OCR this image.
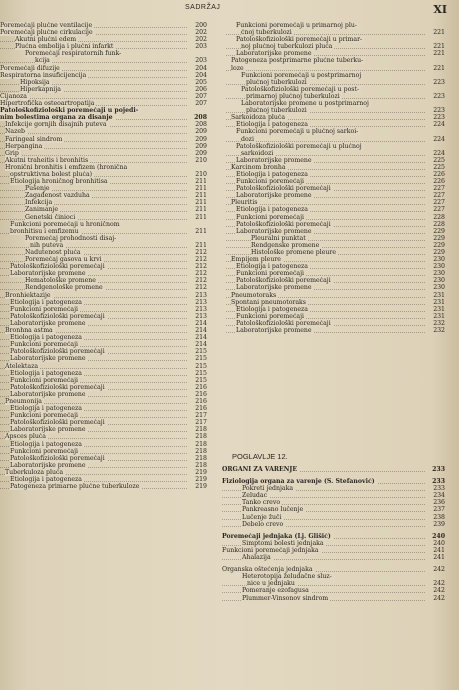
SADRŽAJ	XI
Poremećaji plućne ventilacije	200
Poremećaji plućne cirkulacije	202
Akutni plućni edem	202
Plućna embolija i plućni infarkt	203
Poremećaji respiratornih funk-
kcija	203
Poremećaji difuzije	204
Respiratorna insuficijencija	204
Hipoksija	205
Hiperkapnija	206
Cijanoza	207
Hipertrofička osteoartropatija	207
Patološkofiziološki poremećaji u pojedi-
nim bolestima organa za disanje	208
Infekcije gornjih disajnih puteva	208
Nazeb	209
Faringeal sindrom	209
Herpangina	209
Grip	209
Akutni traheitis i bronhitis	210
Hronični bronhitis i emfizem (hronična
opstruktivna bolest pluća)	210
Etiologija hroničnog bronhitisa	211
Pušenje	211
Zagađenost vazduha	211
Infekcija	211
Zanimanje	211
Genetski činioci	211
Funkcioni poremećaji u hroničnom
bronhitisu i emfizemu	211
Poremećaj prohodnosti disaj-
nih puteva	211
Nadutenost pluća	212
Poremećaj gasova u krvi	212
Patološkofiziološki poremećaji	212
Laboratorijske promene	212
Hematološke promene	212
Rendgenološke promene	212
Bronhiektazije	213
Etiologija i patogeneza	213
Funkcioni poremećaji	213
Patološkofiziološki poremećaji	213
Laboratorijske promene	214
Bronhna astma	214
Etiologija i patogeneza	214
Funkcioni poremećaji	214
Patološkofiziološki poremećaji	215
Laboratorijske promene	215
Atelektaza	215
Etiologija i patogeneza	215
Funkcioni poremećaji	215
Patološkofiziološki poremećaji	216
Laboratorijske promene	216
Pneumonija	216
Etiologija i patogeneza	216
Funkcioni poremećaji	217
Patološkofiziološki poremećaji	217
Laboratorijske promene	218
Apsces pluća	218
Etiologija i patogeneza	218
Funkcioni poremećaji	218
Patološkofiziološki poremećaji	218
Laboratorijske promene	218
Tuberkuloza pluća	219
Etiologija i patogeneza	219
Patogeneza primarne plućne tuberkuloze	219
Funkcioni poremećaji u primarnoj plu-
ćnoj tuberkulozi	221
Patološkofiziološki poremećaji u primar-
noj plućnoj tuberkulozi pluća	221
Laboratorijske promene	221
Patogeneza postprimarne plućne tuberku-
loze	221
Funkcioni poremećaji u postprimarnoj
plućnoj tuberkulozi	223
Patološkofiziološki poremećaji u post-
primarnoj plućnoj tuberkulozi	223
Laboratorijske promene u postprimarnoj
plućnoj tuberkulozi	223
Sarkoidoza pluća	223
Etiologija i patogeneza	224
Funkcioni poremećaji u plućnoj sarkoi-
dozi	224
Patološkofiziološki poremećaji u plućnoj
sarkoidozi	224
Laboratorijske promene	225
Karcinom bronha	225
Etiologija i patogeneza	226
Funkcioni poremećaji	226
Patološkofiziološki poremećaji	227
Laboratorijske promene	227
Pleuritis	227
Etiologija i patogeneza	227
Funkcioni poremećaji	228
Patološkofiziološki poremećaji	228
Laboratorijske promene	229
Pleuralni punktat	229
Rendgenske promene	229
Histološke promene pleure	229
Empijem pleure	230
Etiologija i patogeneza	230
Funkcioni poremećaji	230
Patološkofiziološki poremećaji	230
Laboratorijske promene	230
Pneumotoraks	231
Spontani pneumotoraks	231
Etiologija i patogeneza	231
Funkcioni poremećaji	231
Patološkofiziološki poremećaji	232
Laboratorijske promene	232
POGLAVLJE 12.
ORGANI ZA VARENJE	233
Fiziologija organa za varenje (S. Stefanović)	233
Pokreti jednjaka	233
Želudac	234
Tanko crevo	236
Pankreasno lučenje	237
Lučenje žuči	238
Debelo crevo	239
Poremećaji jednjaka (Lj. Glišić)	240
Simptomi bolesti jednjaka	240
Funkcioni poremećaji jednjaka	241
Ahalazija	241
Organska oštećenja jednjaka	242
Heterotopija želudačne sluz-
nice u jednjaku	242
Pomeranje ezofagusa	242
Plummer-Vinsonov sindrom	242
